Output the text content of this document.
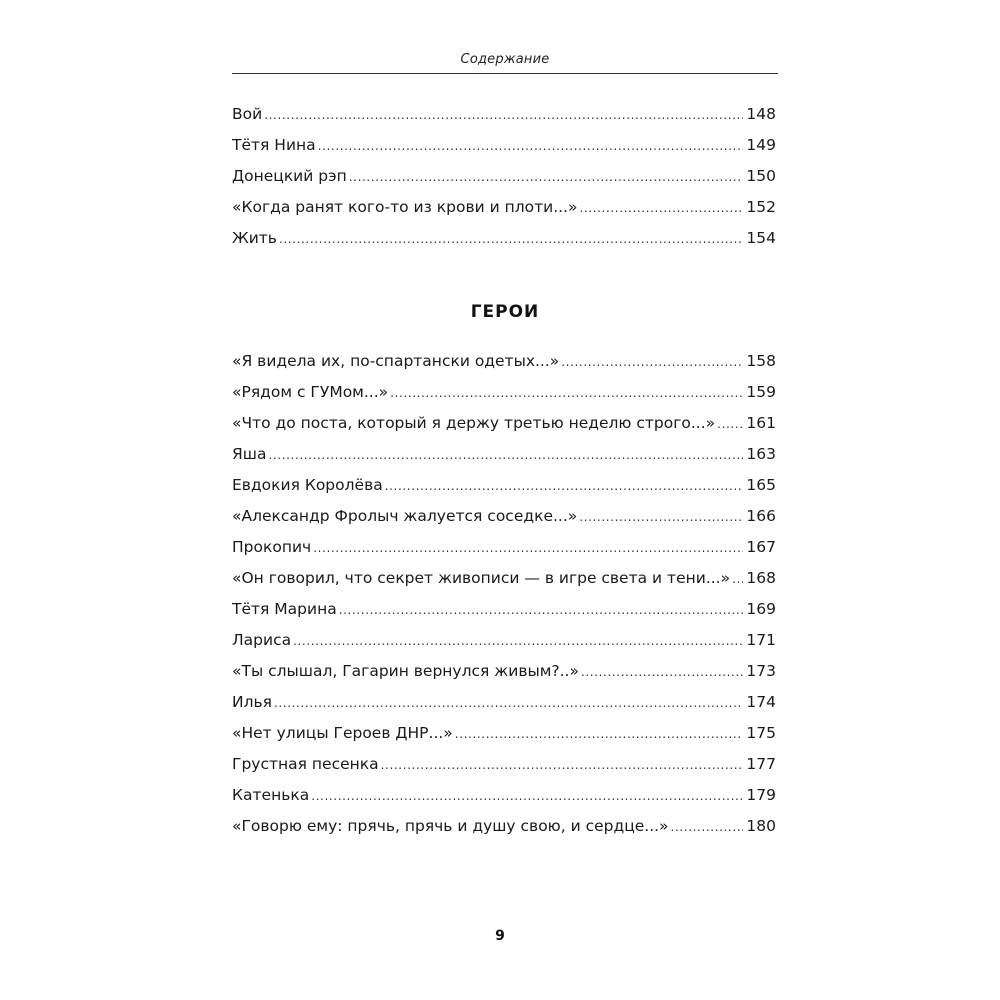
Содержание
Вой .....	148
Тётя Нина .....	149
Донецкий рэп .....	150
«Когда ранят кого-то из крови и плоти...» .....	152
Жить .....	154
ГЕРОИ
«Я видела их, по-спартански одетых...» .....	158
«Рядом с ГУМом...» .....	159
«Что до поста, который я держу третью неделю строго...» ..... 161
Яша .....	163
Евдокия Королёва .....	165
«Александр Фролыч жалуется соседке...» .....	166
Прокопич .....	167
«Он говорил, что секрет живописи — в игре света и тени...» ..... 168
Тётя Марина .....	169
Лариса .....	171
«Ты слышал, Гагарин вернулся живым?..» .....	173
Илья .....	174
«Нет улицы Героев ДНР...» .....	175
Грустная песенка .....	177
Катенька .....	179
«Говорю ему: прячь, прячь и душу свою, и сердце...» .....	180
9
